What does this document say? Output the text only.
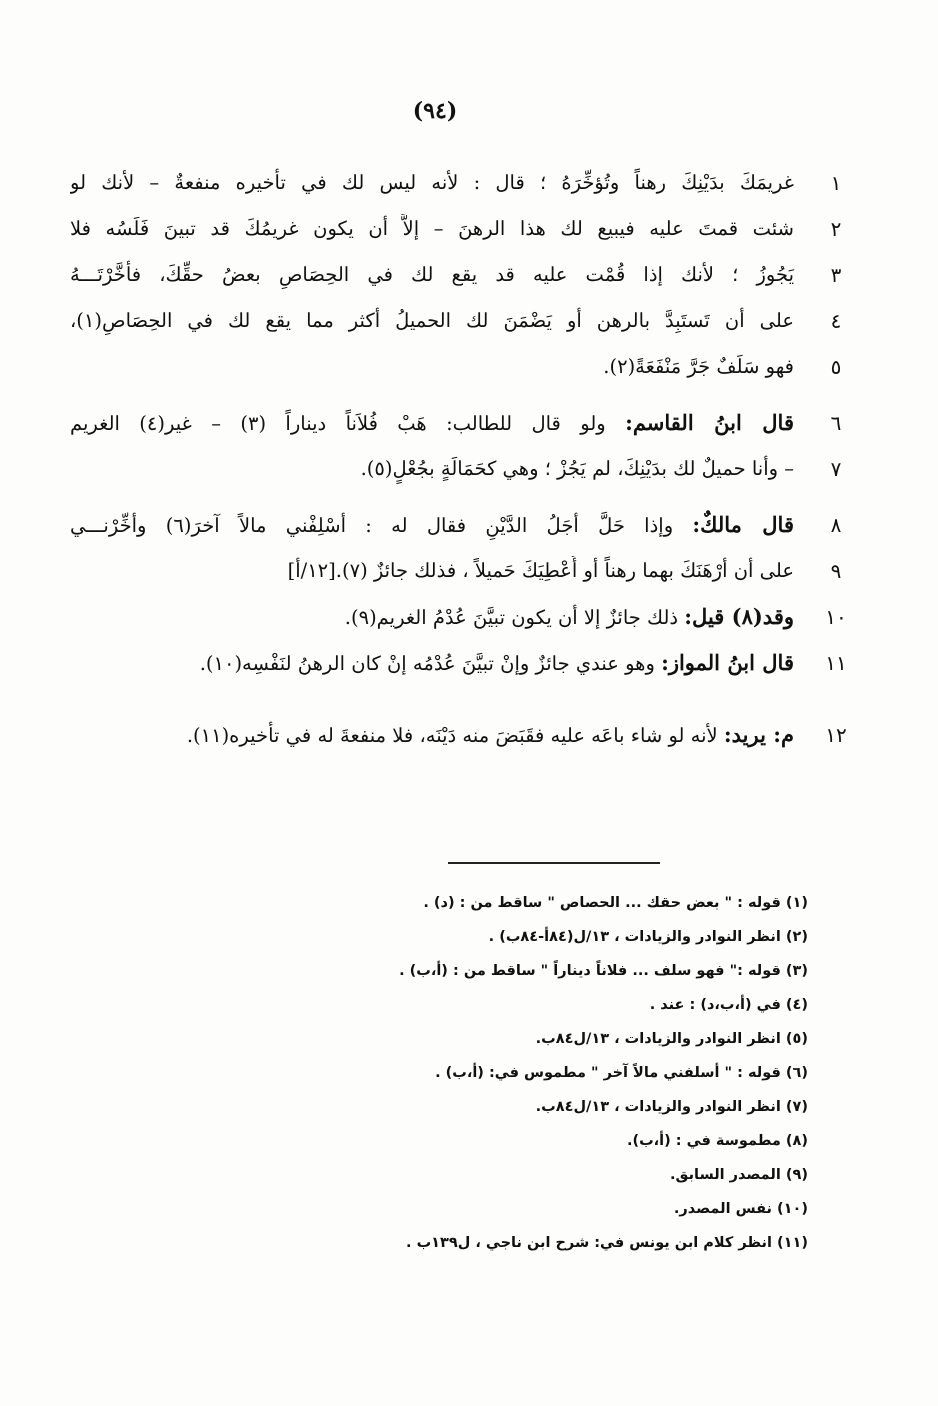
(٩٤)
١
غريمَكَ بدَيْنِكَ رهناً وتُؤخِّرَهُ ؛ قال : لأنه ليس لك في تأخيره منفعةٌ – لأنك لو
٢
شئت قمتَ عليه فيبيع لك هذا الرهنَ – إلاَّ أن يكون غريمُكَ قد تبينَ فَلَسُه فلا
٣
يَجُوزُ ؛ لأنك إذا قُمْت عليه قد يقع لك في الحِصَاصِ بعضُ حقِّكَ، فأخَّرْتَـــهُ
٤
على أن تَستَبِدَّ بالرهن أو يَضْمَنَ لك الحميلُ أكثر مما يقع لك في الحِصَاصِ(١)،
٥
فهو سَلَفٌ جَرَّ مَنْفَعَةً(٢).
٦
قال ابنُ القاسم: ولو قال للطالب: هَبْ فُلاَناً ديناراً (٣) – غير(٤) الغريم
٧
– وأنا حميلٌ لك بدَيْنِكَ، لم يَجُزْ ؛ وهي كحَمَالَةٍ بجُعْلٍ(٥).
٨
قال مالكٌ: وإذا حَلَّ أجَلُ الدَّيْنِ فقال له : أسْلِفْني مالاً آخرَ(٦) وأخِّرْنـــي
٩
على أن أرْهَنَكَ بهما رهناً أو أُعْطِيَكَ حَميلاً ، فذلك جائزٌ (٧).[١٢/أ]
١٠
وقد(٨) قيل: ذلك جائزٌ إلا أن يكون تبيَّنَ عُدْمُ الغريم(٩).
١١
قال ابنُ المواز: وهو عندي جائزٌ وإنْ تبيَّنَ عُدْمُه إنْ كان الرهنُ لنَفْسِه(١٠).
١٢
م: يريد: لأنه لو شاء باعَه عليه فقَبَضَ منه دَيْنَه، فلا منفعةَ له في تأخيره(١١).
(١) قوله : " بعض حقك ... الحصاص " ساقط من : (د) .
(٢) انظر النوادر والزيادات ، ١٣/ل(٨٤أ-٨٤ب) .
(٣) قوله :" فهو سلف ... فلاناً ديناراً " ساقط من : (أ،ب) .
(٤) في (أ،ب،د) : عند .
(٥) انظر النوادر والزيادات ، ١٣/ل٨٤ب.
(٦) قوله : " أسلفني مالاً آخر " مطموس في: (أ،ب) .
(٧) انظر النوادر والزيادات ، ١٣/ل٨٤ب.
(٨) مطموسة في : (أ،ب).
(٩) المصدر السابق.
(١٠) نفس المصدر.
(١١) انظر كلام ابن يونس في: شرح ابن ناجي ، ل١٣٩ب .
